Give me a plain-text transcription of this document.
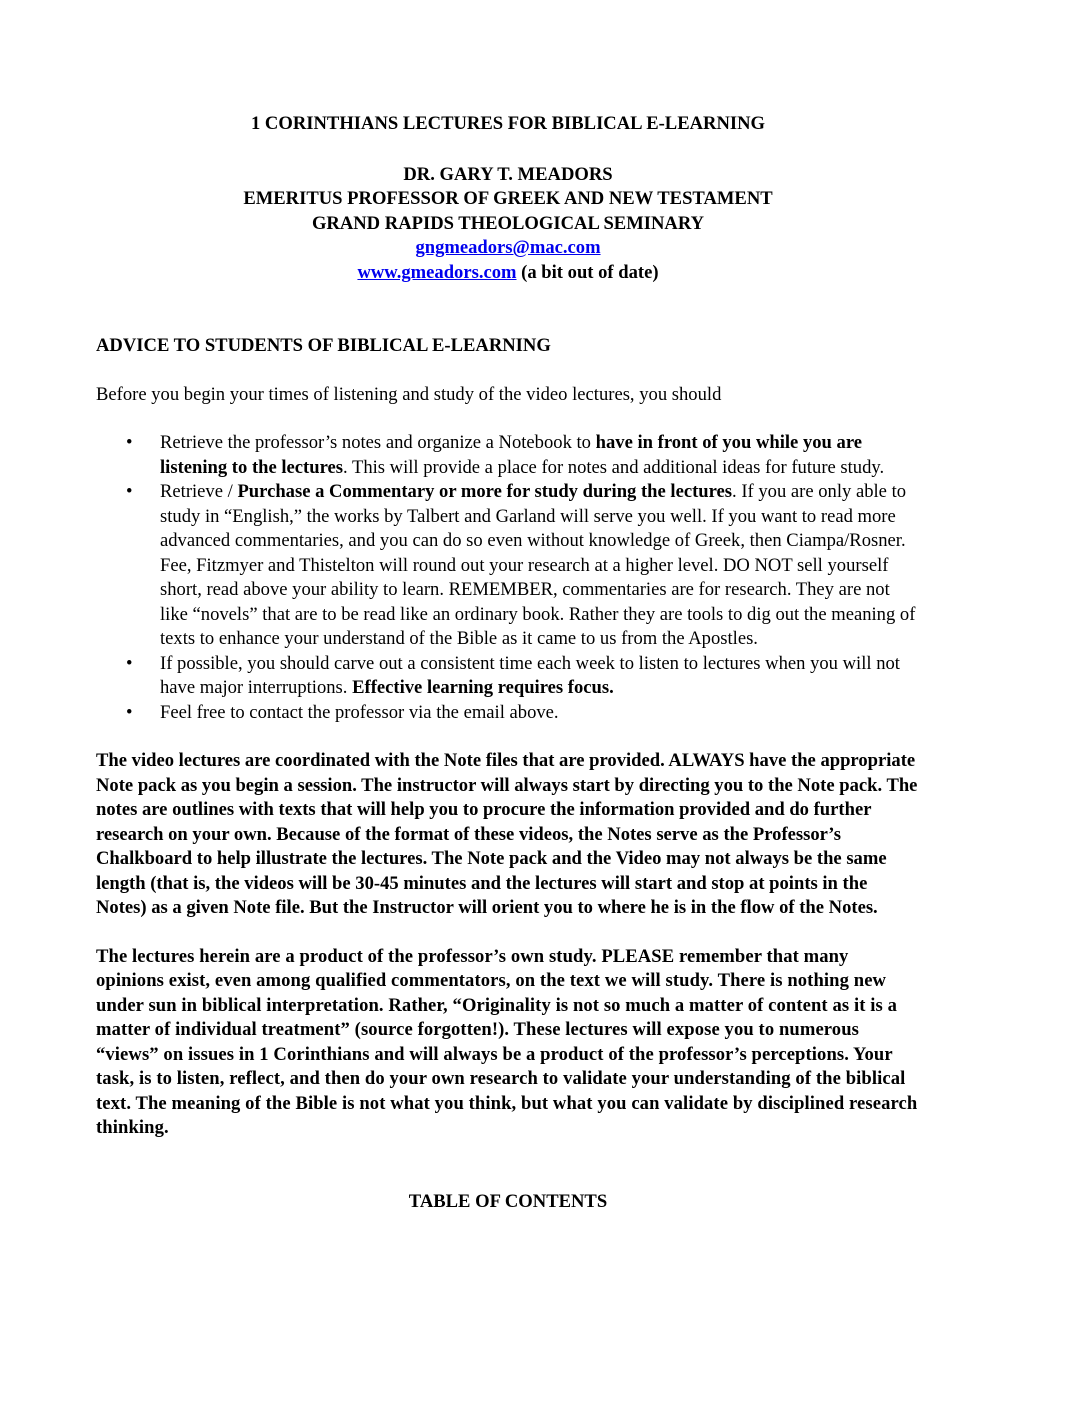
1 CORINTHIANS LECTURES FOR BIBLICAL E-LEARNING

DR. GARY T. MEADORS

EMERITUS PROFESSOR OF GREEK AND NEW TESTAMENT

GRAND RAPIDS THEOLOGICAL SEMINARY

gngmeadors@mac.com

www.gmeadors.com (a bit out of date)

ADVICE TO STUDENTS OF BIBLICAL E-LEARNING
Before you begin your times of listening and study of the video lectures, you should
• Retrieve the professor’s notes and organize a Notebook to have in front of you while you are listening to the lectures. This will provide a place for notes and additional ideas for future study.
• Retrieve / Purchase a Commentary or more for study during the lectures. If you are only able to study in “English,” the works by Talbert and Garland will serve you well. If you want to read more advanced commentaries, and you can do so even without knowledge of Greek, then Ciampa/Rosner. Fee, Fitzmyer and Thistelton will round out your research at a higher level. DO NOT sell yourself short, read above your ability to learn. REMEMBER, commentaries are for research. They are not like “novels” that are to be read like an ordinary book. Rather they are tools to dig out the meaning of texts to enhance your understand of the Bible as it came to us from the Apostles.
• If possible, you should carve out a consistent time each week to listen to lectures when you will not have major interruptions. Effective learning requires focus.
• Feel free to contact the professor via the email above.

The video lectures are coordinated with the Note files that are provided. ALWAYS have the appropriate Note pack as you begin a session. The instructor will always start by directing you to the Note pack. The notes are outlines with texts that will help you to procure the information provided and do further research on your own. Because of the format of these videos, the Notes serve as the Professor’s Chalkboard to help illustrate the lectures. The Note pack and the Video may not always be the same length (that is, the videos will be 30-45 minutes and the lectures will start and stop at points in the Notes) as a given Note file. But the Instructor will orient you to where he is in the flow of the Notes.

The lectures herein are a product of the professor’s own study. PLEASE remember that many opinions exist, even among qualified commentators, on the text we will study. There is nothing new under sun in biblical interpretation. Rather, “Originality is not so much a matter of content as it is a matter of individual treatment” (source forgotten!). These lectures will expose you to numerous “views” on issues in 1 Corinthians and will always be a product of the professor’s perceptions. Your task, is to listen, reflect, and then do your own research to validate your understanding of the biblical text. The meaning of the Bible is not what you think, but what you can validate by disciplined research thinking.

TABLE OF CONTENTS
